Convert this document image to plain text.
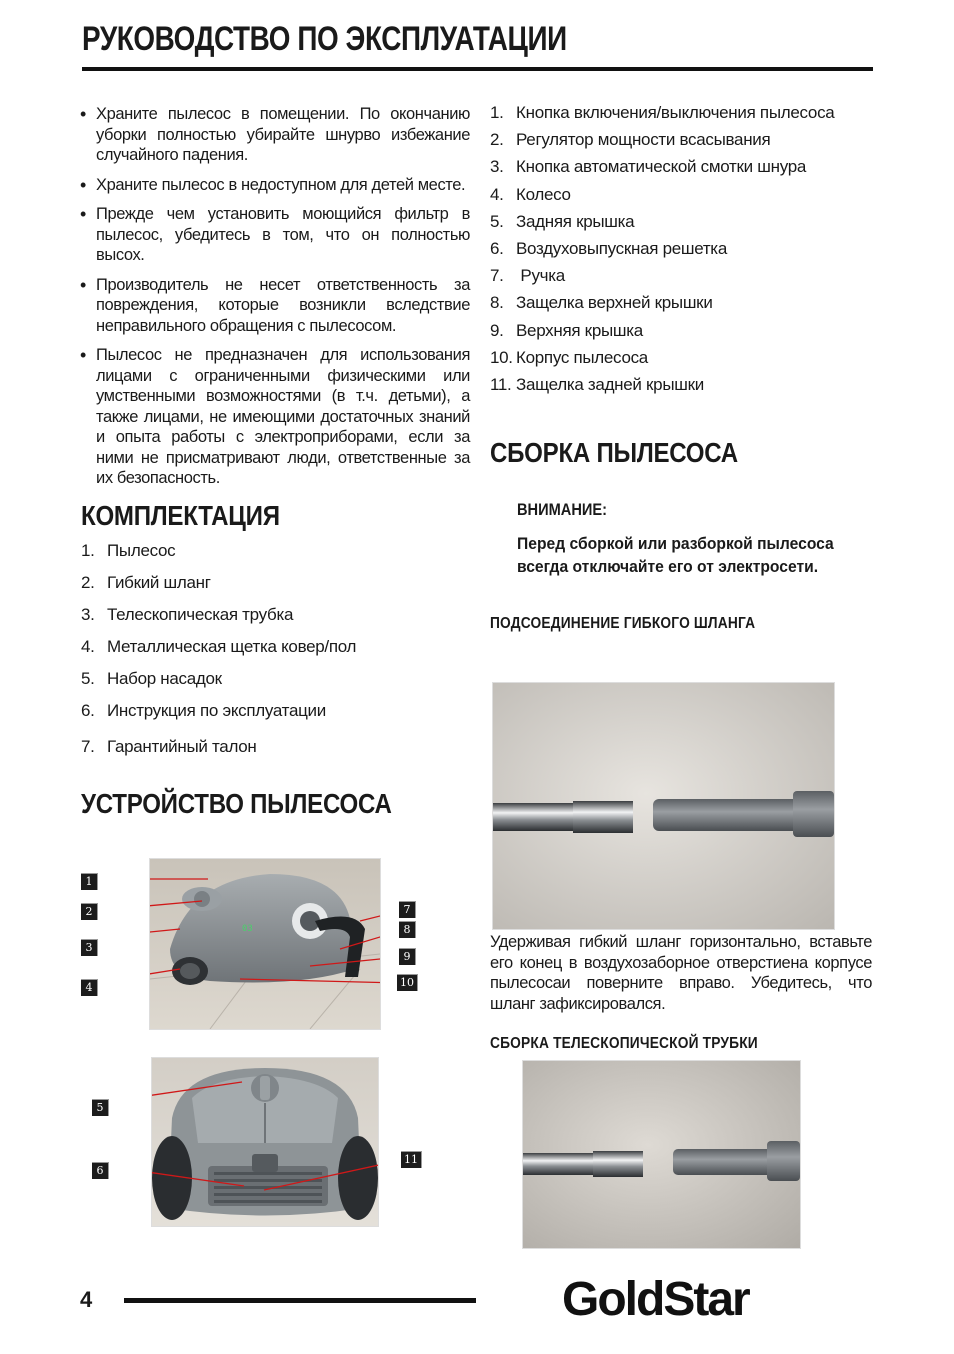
РУКОВОДСТВО ПО ЭКСПЛУАТАЦИИ
• Храните пылесос в помещении. По окончанию уборки полностью убирайте шнурво избежание случайного падения.
• Храните пылесос в недоступном для детей месте.
• Прежде чем установить моющийся фильтр в пылесос, убедитесь в том, что он полностью высох.
• Производитель не несет ответственность за повреждения, которые возникли вследствие неправильного обращения с пылесосом.
• Пылесос не предназначен для использования лицами с ограниченными физическими или умственными возможностями (в т.ч. детьми), а также лицами, не имеющими достаточных знаний и опыта работы с электроприборами, если за ними не присматривают люди, ответственные за их безопасность.
КОМПЛЕКТАЦИЯ
1. Пылесос
2. Гибкий шланг
3. Телескопическая трубка
4. Металлическая щетка ковер/пол
5. Набор насадок
6. Инструкция по эксплуатации
7. Гарантийный талон
УСТРОЙСТВО ПЫЛЕСОСА
03
1
2
3
4
5
6
7
8
9
10
11
1. Кнопка включения/выключения пылесоса
2. Регулятор мощности всасывания
3. Кнопка автоматической смотки шнура
4. Колесо
5. Задняя крышка
6. Воздуховыпускная решетка
7. Ручка
8. Защелка верхней крышки
9. Верхняя крышка
10. Корпус пылесоса
11. Защелка задней крышки
СБОРКА ПЫЛЕСОСА
ВНИМАНИЕ:
Перед сборкой или разборкой пылесоса всегда отключайте его от электросети.
ПОДСОЕДИНЕНИЕ ГИБКОГО ШЛАНГА
Удерживая гибкий шланг горизонтально, вставьте его конец в воздухозаборное отверстиена корпусе пылесосаи поверните вправо. Убедитесь, что шланг зафиксировался.
СБОРКА ТЕЛЕСКОПИЧЕСКОЙ ТРУБКИ
4	GoldStar
